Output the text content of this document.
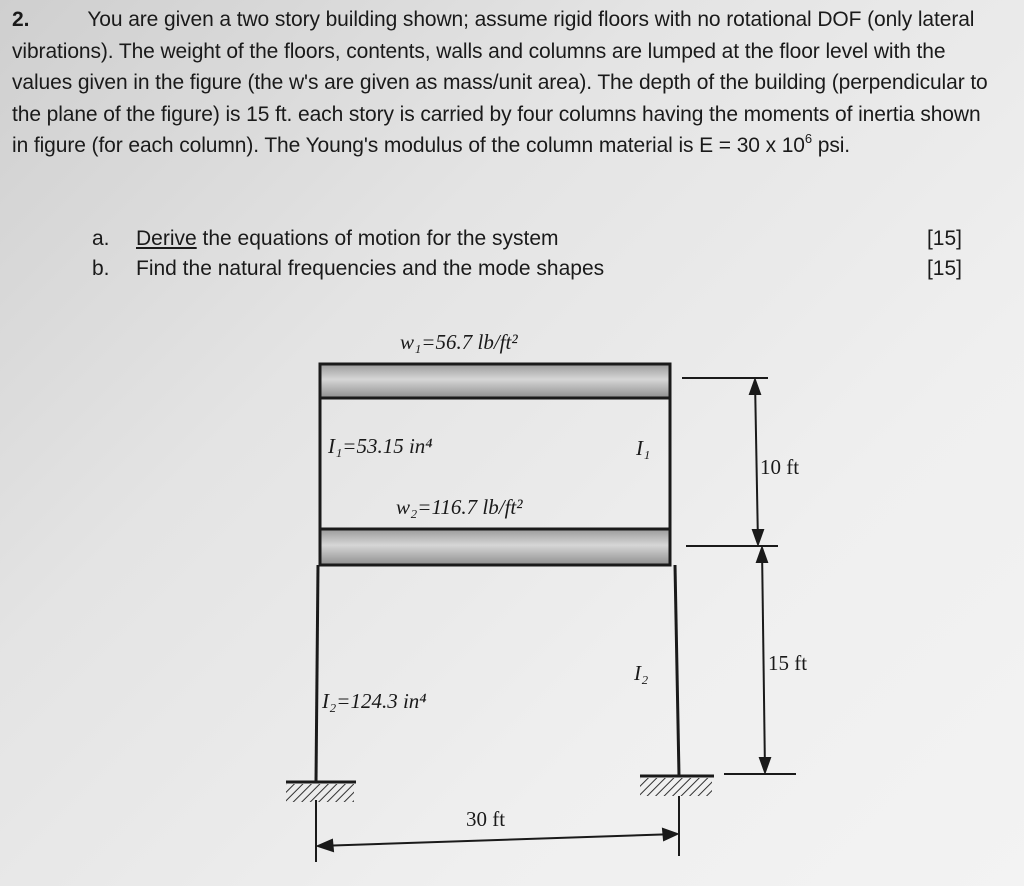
2.	You are given a two story building shown; assume rigid floors with no rotational DOF (only lateral vibrations). The weight of the floors, contents, walls and columns are lumped at the floor level with the values given in the figure (the w's are given as mass/unit area). The depth of the building (perpendicular to the plane of the figure) is 15 ft. each story is carried by four columns having the moments of inertia shown in figure (for each column). The Young's modulus of the column material is E = 30 x $10^6$ psi.
a. Derive the equations of motion for the system	[15]
b. Find the natural frequencies and the mode shapes	[15]
w₁=56.7 lb/ft²
I₁=53.15 in⁴	I₁
w₂=116.7 lb/ft²
I₂
I₂=124.3 in⁴
10 ft
15 ft
30 ft
